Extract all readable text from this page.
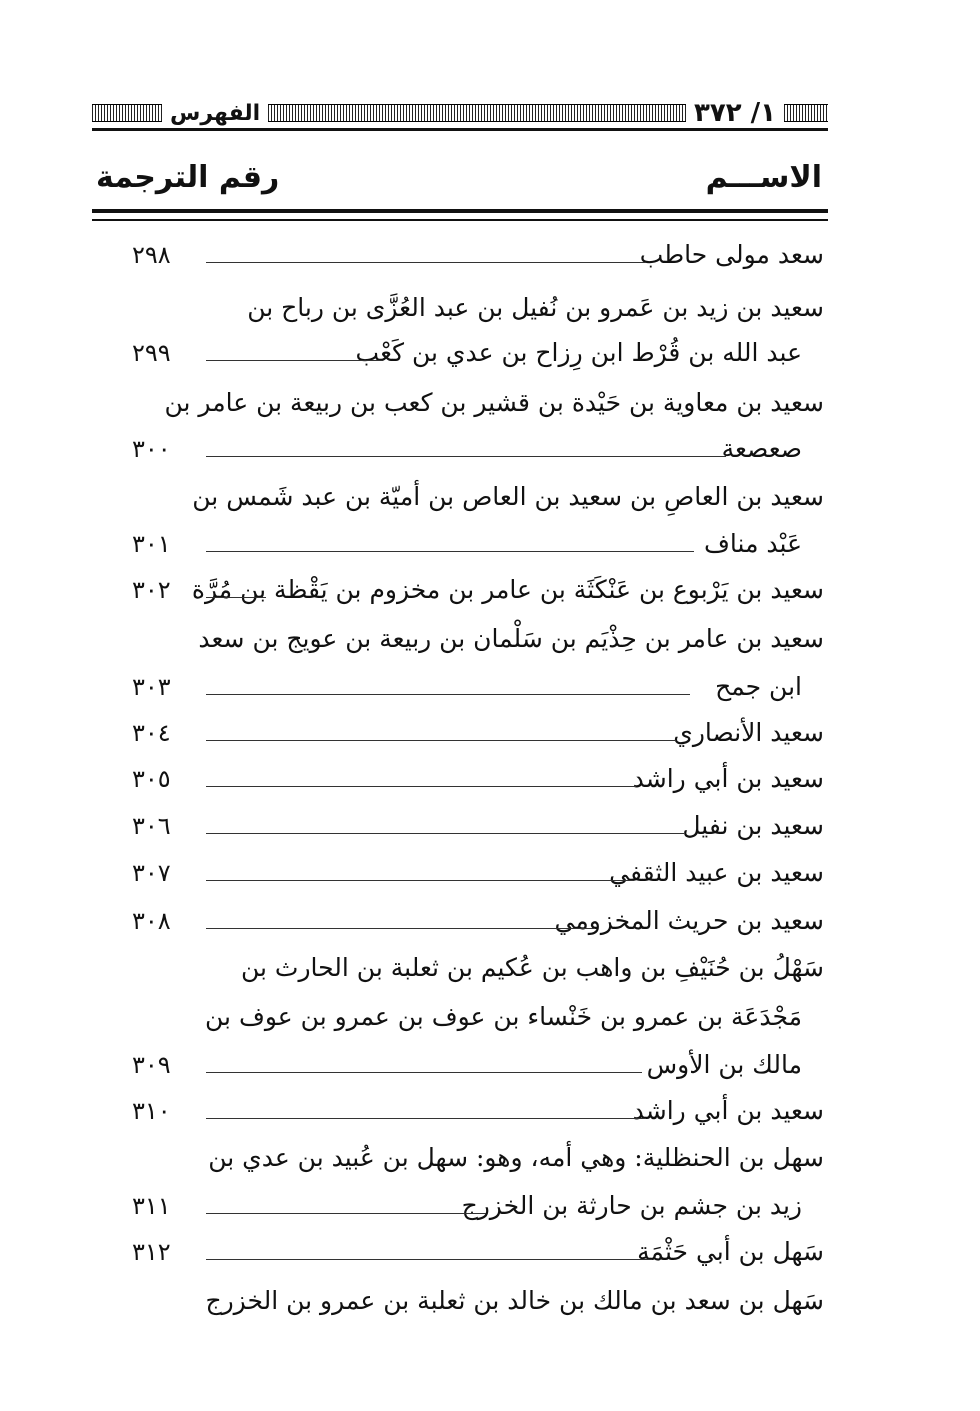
١/ ٣٧٢
الفهرس
الاســـم
رقم الترجمة
سعد مولى حاطب
٢٩٨
سعيد بن زيد بن عَمرو بن نُفيل بن عبد العُزَّى بن رباح بن
عبد الله بن قُرْط ابن رِزاح بن عدي بن كَعْب
٢٩٩
سعيد بن معاوية بن حَيْدة بن قشير بن كعب بن ربيعة بن عامر بن
صعصعة
٣٠٠
سعيد بن العاصِ بن سعيد بن العاص بن أميّة بن عبد شَمس بن
عَبْد مناف
٣٠١
سعيد بن يَرْبوع بن عَنْكَثَة بن عامر بن مخزوم بن يَقْظة بن مُرَّة
٣٠٢
سعيد بن عامر بن حِذْيَم بن سَلْمان بن ربيعة بن عويج بن سعد
ابن جمح
٣٠٣
سعيد الأنصاري
٣٠٤
سعيد بن أبي راشد
٣٠٥
سعيد بن نفيل
٣٠٦
سعيد بن عبيد الثقفي
٣٠٧
سعيد بن حريث المخزومي
٣٠٨
سَهْلُ بن حُنَيْفِ بن واهب بن عُكيم بن ثعلبة بن الحارث بن
مَجْدَعَة بن عمرو بن خَنْساء بن عوف بن عمرو بن عوف بن
مالك بن الأوس
٣٠٩
سعيد بن أبي راشد
٣١٠
سهل بن الحنظلية: وهي أمه، وهو: سهل بن عُبيد بن عدي بن
زيد بن جشم بن حارثة بن الخزرج
٣١١
سَهل بن أبي حَثْمَة
٣١٢
سَهل بن سعد بن مالك بن خالد بن ثعلبة بن عمرو بن الخزرج
